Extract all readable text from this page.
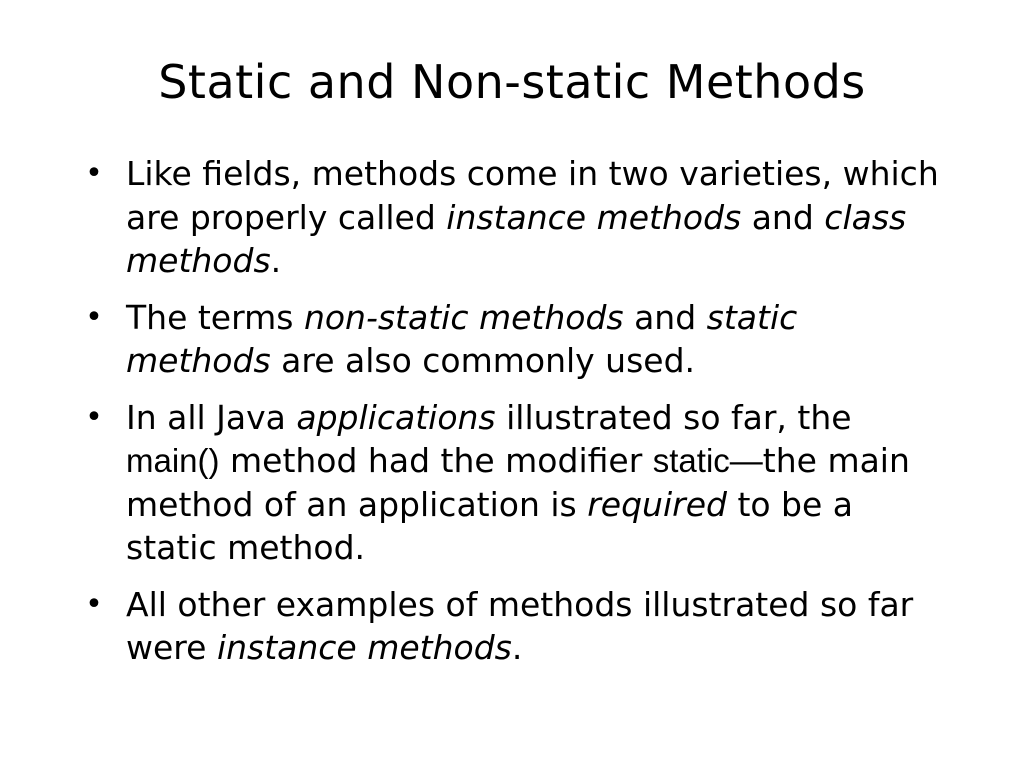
Static and Non-static Methods
• Like fields, methods come in two varieties, which are properly called instance methods and class methods.
• The terms non-static methods and static methods are also commonly used.
• In all Java applications illustrated so far, the main() method had the modifier static—the main method of an application is required to be a static method.
• All other examples of methods illustrated so far were instance methods.
